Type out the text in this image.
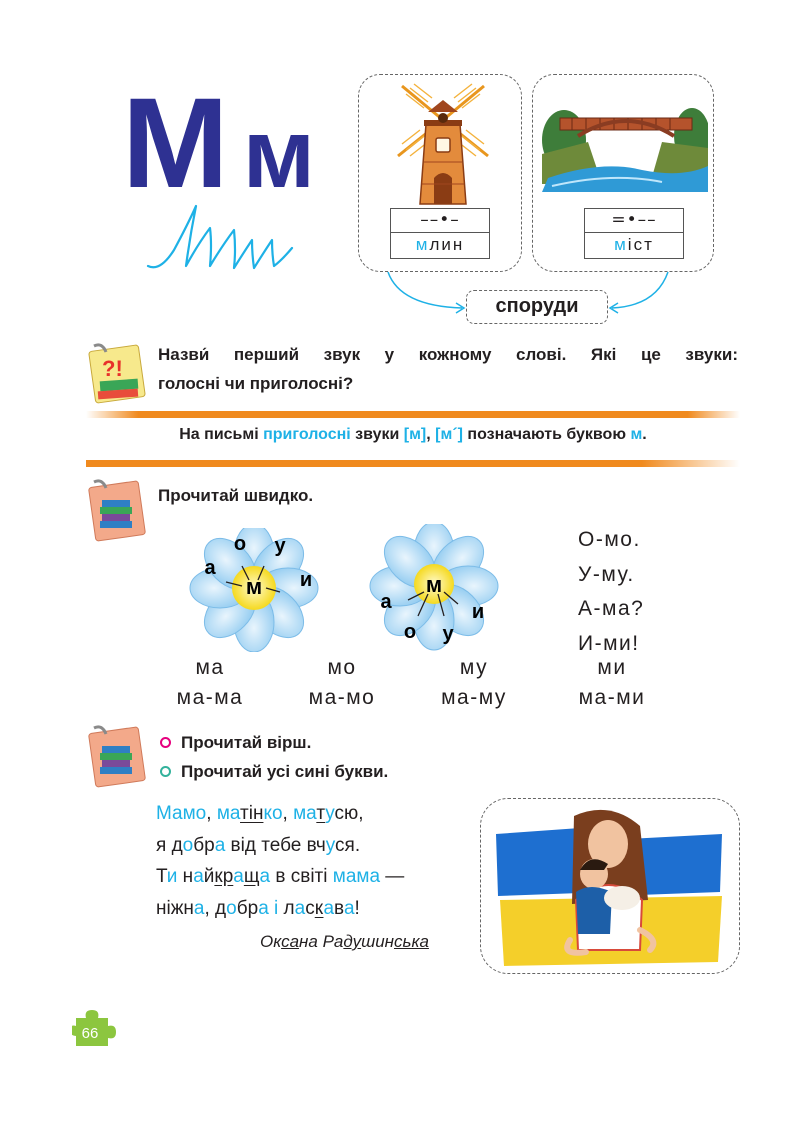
М м
––•–
млин
=•––
міст
споруди
?!
Назви́ перший звук у кожному слові. Які це звуки:
голосні чи приголосні?
На письмі приголосні звуки [м], [м´] позначають буквою м.
Прочитай швидко.
м
о у
а
и	м
а
о у
и
О-мо.
У-му.
А-ма?
И-ми!
ма	мо	му	ми
ма-ма	ма-мо	ма-му	ма-ми
Прочитай вірш.
Прочитай усі сині букви.
Мамо, матінко, матусю,
я добра від тебе вчуся.
Ти найкраща в світі мама —
ніжна, добра і ласкава!
Оксана Радушинська
66
